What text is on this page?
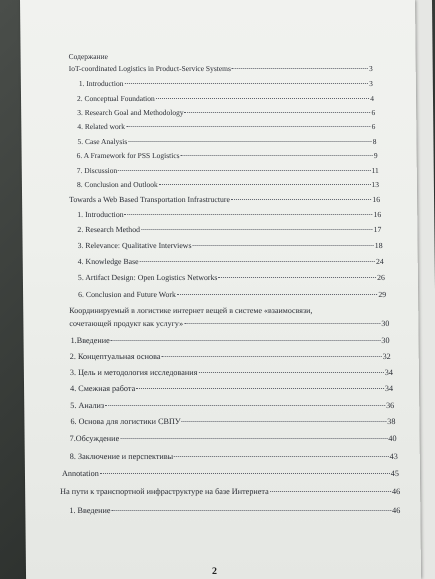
Содержание
IoT-coordinated Logistics in Product-Service Systems	3
1. Introduction	3
2. Conceptual Foundation	4
3. Research Goal and Methodology	6
4. Related work	6
5. Case Analysis	8
6. A Framework for PSS Logistics	9
7. Discussion	11
8. Conclusion and Outlook	13
Towards a Web Based Transportation Infrastructure	16
1. Introduction	16
2. Research Method	17
3. Relevance: Qualitative Interviews	18
4. Knowledge Base	24
5. Artifact Design: Open Logistics Networks	26
6. Conclusion and Future Work	29
Координируемый в логистике интернет вещей в системе «взаимосвязи,
сочетающей продукт как услугу»	30
1.Введение	30
2. Концептуальная основа	32
3. Цель и методология исследования	34
4. Смежная работа	34
5. Анализ	36
6. Основа для логистики СВПУ	38
7.Обсуждение	40
8. Заключение и перспективы	43
Annotation	45
На пути к транспортной инфраструктуре на базе Интернета	46
1. Введение	46
2
